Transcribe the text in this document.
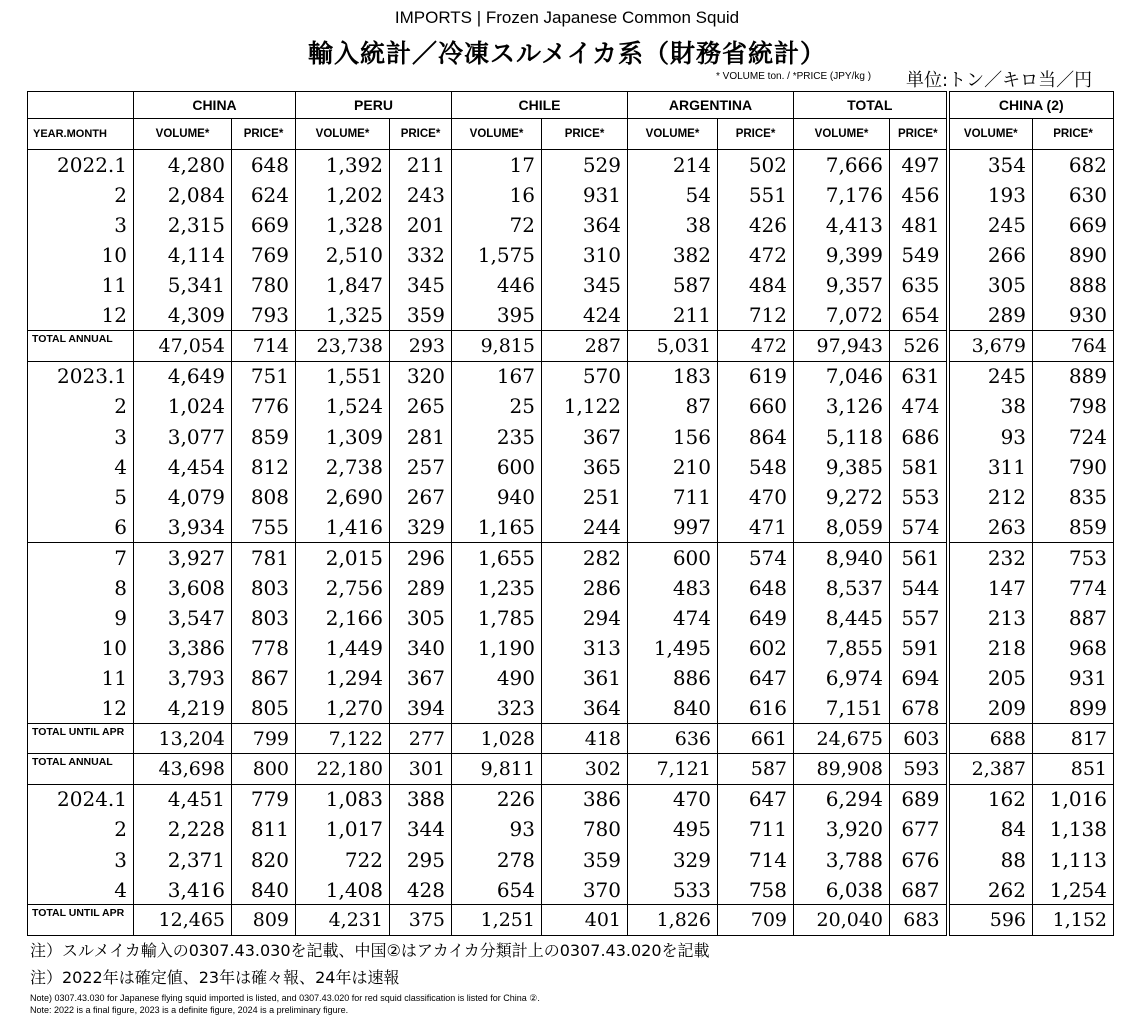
IMPORTS | Frozen Japanese Common Squid
輸入統計／冷凍スルメイカ系（財務省統計）
* VOLUME ton. / *PRICE (JPY/kg ) 単位:トン／キロ当／円
	CHINA		PERU		CHILE		ARGENTINA		TOTAL		CHINA (2)	
YEAR.MONTH	VOLUME*	PRICE*	VOLUME*	PRICE*	VOLUME*	PRICE*	VOLUME*	PRICE*	VOLUME*	PRICE*	VOLUME*	PRICE*
2022.1	4,280	648	1,392	211	17	529	214	502	7,666	497	354	682
2	2,084	624	1,202	243	16	931	54	551	7,176	456	193	630
3	2,315	669	1,328	201	72	364	38	426	4,413	481	245	669
10	4,114	769	2,510	332	1,575	310	382	472	9,399	549	266	890
11	5,341	780	1,847	345	446	345	587	484	9,357	635	305	888
12	4,309	793	1,325	359	395	424	211	712	7,072	654	289	930
TOTAL ANNUAL	47,054	714	23,738	293	9,815	287	5,031	472	97,943	526	3,679	764
2023.1	4,649	751	1,551	320	167	570	183	619	7,046	631	245	889
2	1,024	776	1,524	265	25	1,122	87	660	3,126	474	38	798
3	3,077	859	1,309	281	235	367	156	864	5,118	686	93	724
4	4,454	812	2,738	257	600	365	210	548	9,385	581	311	790
5	4,079	808	2,690	267	940	251	711	470	9,272	553	212	835
6	3,934	755	1,416	329	1,165	244	997	471	8,059	574	263	859
7	3,927	781	2,015	296	1,655	282	600	574	8,940	561	232	753
8	3,608	803	2,756	289	1,235	286	483	648	8,537	544	147	774
9	3,547	803	2,166	305	1,785	294	474	649	8,445	557	213	887
10	3,386	778	1,449	340	1,190	313	1,495	602	7,855	591	218	968
11	3,793	867	1,294	367	490	361	886	647	6,974	694	205	931
12	4,219	805	1,270	394	323	364	840	616	7,151	678	209	899
TOTAL UNTIL APR	13,204	799	7,122	277	1,028	418	636	661	24,675	603	688	817
TOTAL ANNUAL	43,698	800	22,180	301	9,811	302	7,121	587	89,908	593	2,387	851
2024.1	4,451	779	1,083	388	226	386	470	647	6,294	689	162	1,016
2	2,228	811	1,017	344	93	780	495	711	3,920	677	84	1,138
3	2,371	820	722	295	278	359	329	714	3,788	676	88	1,113
4	3,416	840	1,408	428	654	370	533	758	6,038	687	262	1,254
TOTAL UNTIL APR	12,465	809	4,231	375	1,251	401	1,826	709	20,040	683	596	1,152
注）スルメイカ輸入の0307.43.030を記載、中国②はアカイカ分類計上の0307.43.020を記載
注）2022年は確定値、23年は確々報、24年は速報
Note) 0307.43.030 for Japanese flying squid imported is listed, and 0307.43.020 for red squid classification is listed for China ②.
Note: 2022 is a final figure, 2023 is a definite figure, 2024 is a preliminary figure.
